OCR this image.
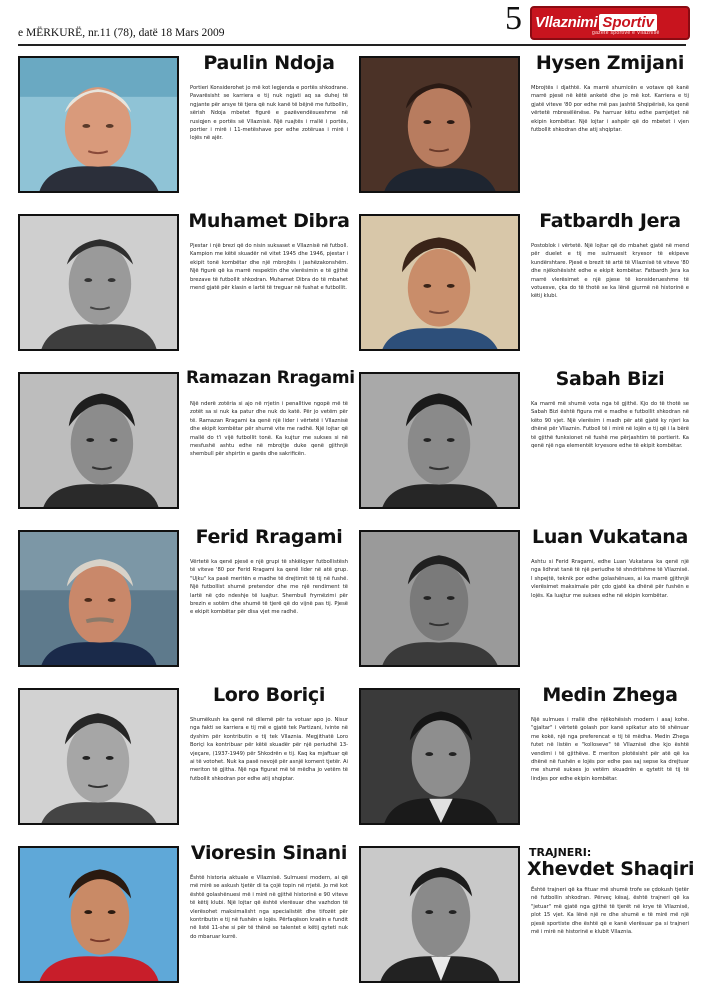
e MËRKURË, nr.11 (78), datë 18 Mars 2009	5 Vllaznimi Sportiv
gazetë sportive e Vllaznisë
Paulin Ndoja
Portieri Konsiderohet jo më kot legjenda e portës shkodrane. Pavarësisht se karriera e tij nuk ngjati aq sa duhej të ngjante për arsye të tjera që nuk kanë të bëjnë me futbollin, sërish Ndoja mbetet figurë e pazëvendësueshme në rusiqjen e portës së Vllaznisë. Një ruajtës i rrallë i portës, portier i mirë i 11-metëshave por edhe zotëruas i mirë i lojës në ajër.
Hysen Zmijani
Mbrojtës i djathtë. Ka marrë shumicën e votave që kanë marrë pjesë në këtë anketë dhe jo më kot. Karriera e tij gjatë viteve '80 por edhe më pas jashtë Shqipërisë, ka qenë vërtetë mbresëlënëse. Pa harruar këtu edhe pamjetjet në ekipin kombëtar. Një lojtar i ashpër që do mbetet i vjen futbollit shkodran dhe atij shqiptar.
Muhamet Dibra
Pjestar i një brezi që do nisin suksaset e Vllaznisë në futboll. Kampion me këtë skuadër në vitet 1945 dhe 1946, pjestar i ekipit tonë kombëtar dhe një mbrojtës i jashëzakonshëm. Një figurë që ka marrë respektin dhe vlerësimin e të gjithë brezave të futbollit shkodran. Muhamet Dibra do të mbahet mend gjatë për klasin e lartë të treguar në fushat e futbollit.
Fatbardh Jera
Postoblok i vërtetë. Një lojtar që do mbahet gjatë në mend për duelet e tij me sulmuesit kryesor të ekipeve kundërshtare. Pjesë e brezit të artë të Vllaznisë të viteve '80 dhe njëkohësisht edhe e ekipit kombëtar. Fatbardh Jera ka marrë vlerësimet e një pjese të konsiderueshme të votuesve, çka do të thotë se ka lënë gjurmë në historinë e këtij klubi.
Ramazan Rragami
Një nderë zotëria si ajo në rrjetin i penalltive ngopë më të zotët sa si nuk ka patur dhe nuk do katë. Për jo vetëm për të. Ramazan Rragami ka qenë një lider i vërtetë i Vllaznisë dhe ekipit kombëtar për shumë vite me radhë. Një lojtar që mallë do t'i vijë futbollit tonë. Ka kujtur me sukses si në mesfushë ashtu edhe në mbrojtje duke qenë gjithnjë shembull për shpirtin e garës dhe sakrificën.
Sabah Bizi
Ka marrë më shumë vota nga të gjithë. Kjo do të thotë se Sabah Bizi është figura më e madhe e futbollit shkodran në këto 90 vjet. Një vlerësim i madh për atë gjatë ky njeri ka dhënë për Vllaznin. Futboll të i mirë në lojën e tij që i la bërë të gjithë funksionet në fushë me përjashtim të portierit. Ka qenë një nga elementët kryesore edhe të ekipit kombëtar.
Ferid Rragami
Vërtetë ka qenë pjesë e një grupi të shkëlqyer futbollistësh të viteve '80 por Ferid Rragami ka qenë lider në atë grup. "Ujku" ka pasë meritën e madhe të drejtimit të tij në fushë. Një futbollist shumë pretendor dhe me një rendiment të lartë në çdo ndeshje të luajtur. Shembull frymëzimi për brezin e sotëm dhe shumë të tjerë që do vijnë pas tij. Pjesë e ekipit kombëtar për disa vjet me radhë.
Luan Vukatana
Ashtu si Ferid Rragami, edhe Luan Vukatana ka qenë një nga lidhrat tanë të një periudhe të shndritshme të Vllaznisë. I shpejtë, teknik por edhe golashënues, ai ka marrë gjithnjë vlerësimet maksimale për çdo gjatë ka dhënë për fushën e lojës. Ka luajtur me sukses edhe në ekipin kombëtar.
Loro Boriçi
Shumëkush ka qenë në dilemë për ta votuar apo jo. Nisur nga fakti se karriera e tij më e gjatë tek Partizani, lvinte në dyshim për kontributin e tij tek Vllaznia. Megjithatë Loro Boriçi ka kontribuar për këtë skuadër për një periudhë 13-vjeçare, (1937-1949) për Shkodrën e tij. Kaq ka mjaftuar që ai të votohet. Nuk ka pasë nevojë për asnjë koment tjetër. Ai meriton të gjitha. Një nga figurat më të mëdha jo vetëm të futbollit shkodran por edhe atij shqiptar.
Medin Zhega
Një sulmues i rrallë dhe njëkohësish modern i asaj kohe. "gjaltar" i vërtetë golash por kanë spikatur ato të shënuar me kokë, një nga preferencat e tij të mëdha. Medin Zhega futet në listën e "kolloseve" të Vllaznisë dhe kjo është vendimi i të gjithëve. E meriton plotësisht për atë që ka dhënë në fushën e lojës por edhe pas saj sepse ka drejtuar me shumë sukses jo vetëm skuadrën e qytetit të tij të lindjes por edhe ekipin kombëtar.
Vioresin Sinani
Është historia aktuale e Vllaznisë. Sulmuesi modern, ai që më mirë se askush tjetër di ta çojë topin në rrjetë. Jo më kot është golashënuesi më i mirë në gjithë historinë e 90 viteve të këtij klubi. Një lojtar që është vlerësuar dhe vazhdon të vlerësohet maksimalisht nga specialistët dhe tifozët për kontributin e tij në fushën e lojës. Përfaqëson kraëin e fundit në listë 11-she si për të thënë se talentet e këtij qyteti nuk do mbaruar kurrë.
TRAJNERI:
Xhevdet Shaqiri
Është trajneri që ka fituar më shumë trofe se çdokush tjetër në futbollin shkodran. Përveç kësaj, është trajneri që ka "jetuar" më gjatë nga gjithë të tjerët në krye të Vllaznisë, plot 15 vjet. Ka lënë një re dhe shumë e të mirë më një pjesë sportiste dhe është që e kanë vlerësuar pa si trajneri më i mirë në historinë e klubit Vllaznia.
